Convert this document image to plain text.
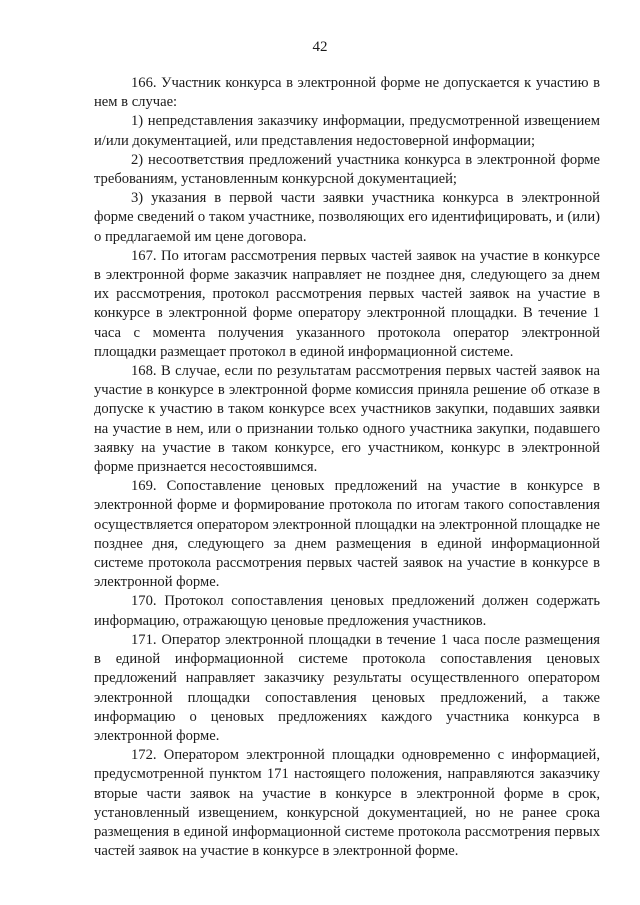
42

166. Участник конкурса в электронной форме не допускается к участию в нем в случае:

1) непредставления заказчику информации, предусмотренной извещением и/или документацией, или представления недостоверной информации;

2) несоответствия предложений участника конкурса в электронной форме требованиям, установленным конкурсной документацией;

3) указания в первой части заявки участника конкурса в электронной форме сведений о таком участнике, позволяющих его идентифицировать, и (или) о предлагаемой им цене договора.

167. По итогам рассмотрения первых частей заявок на участие в конкурсе в электронной форме заказчик направляет не позднее дня, следующего за днем их рассмотрения, протокол рассмотрения первых частей заявок на участие в конкурсе в электронной форме оператору электронной площадки. В течение 1 часа с момента получения указанного протокола оператор электронной площадки размещает протокол в единой информационной системе.

168. В случае, если по результатам рассмотрения первых частей заявок на участие в конкурсе в электронной форме комиссия приняла решение об отказе в допуске к участию в таком конкурсе всех участников закупки, подавших заявки на участие в нем, или о признании только одного участника закупки, подавшего заявку на участие в таком конкурсе, его участником, конкурс в электронной форме признается несостоявшимся.

169. Сопоставление ценовых предложений на участие в конкурсе в электронной форме и формирование протокола по итогам такого сопоставления осуществляется оператором электронной площадки на электронной площадке не позднее дня, следующего за днем размещения в единой информационной системе протокола рассмотрения первых частей заявок на участие в конкурсе в электронной форме.

170. Протокол сопоставления ценовых предложений должен содержать информацию, отражающую ценовые предложения участников.

171. Оператор электронной площадки в течение 1 часа после размещения в единой информационной системе протокола сопоставления ценовых предложений направляет заказчику результаты осуществленного оператором электронной площадки сопоставления ценовых предложений, а также информацию о ценовых предложениях каждого участника конкурса в электронной форме.

172. Оператором электронной площадки одновременно с информацией, предусмотренной пунктом 171 настоящего положения, направляются заказчику вторые части заявок на участие в конкурсе в электронной форме в срок, установленный извещением, конкурсной документацией, но не ранее срока размещения в единой информационной системе протокола рассмотрения первых частей заявок на участие в конкурсе в электронной форме.
